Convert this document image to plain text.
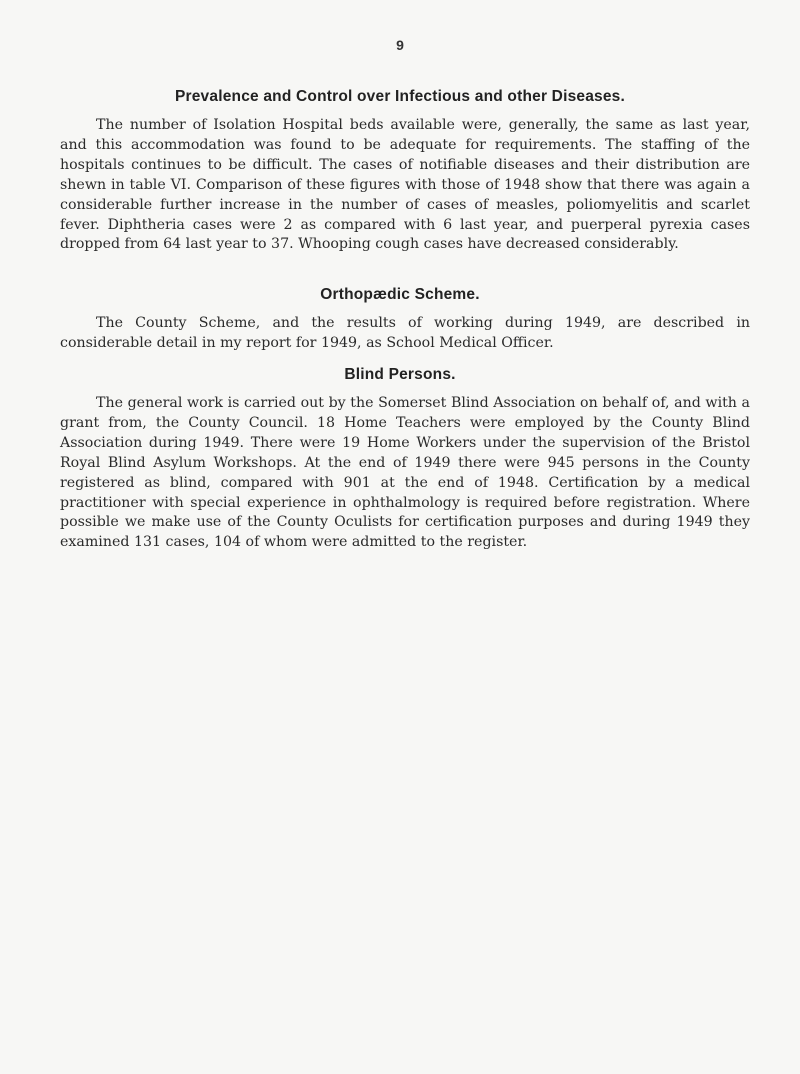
9
Prevalence and Control over Infectious and other Diseases.

The number of Isolation Hospital beds available were, generally, the same as last year, and this accommodation was found to be adequate for requirements. The staffing of the hospitals continues to be difficult. The cases of notifiable diseases and their distribution are shewn in table VI. Comparison of these figures with those of 1948 show that there was again a considerable further increase in the number of cases of measles, poliomyelitis and scarlet fever. Diphtheria cases were 2 as compared with 6 last year, and puerperal pyrexia cases dropped from 64 last year to 37. Whooping cough cases have decreased considerably.

Orthopædic Scheme.

The County Scheme, and the results of working during 1949, are described in considerable detail in my report for 1949, as School Medical Officer.

Blind Persons.

The general work is carried out by the Somerset Blind Association on behalf of, and with a grant from, the County Council. 18 Home Teachers were employed by the County Blind Association during 1949. There were 19 Home Workers under the supervision of the Bristol Royal Blind Asylum Workshops. At the end of 1949 there were 945 persons in the County registered as blind, compared with 901 at the end of 1948. Certification by a medical practitioner with special experience in ophthalmology is required before registration. Where possible we make use of the County Oculists for certification purposes and during 1949 they examined 131 cases, 104 of whom were admitted to the register.
